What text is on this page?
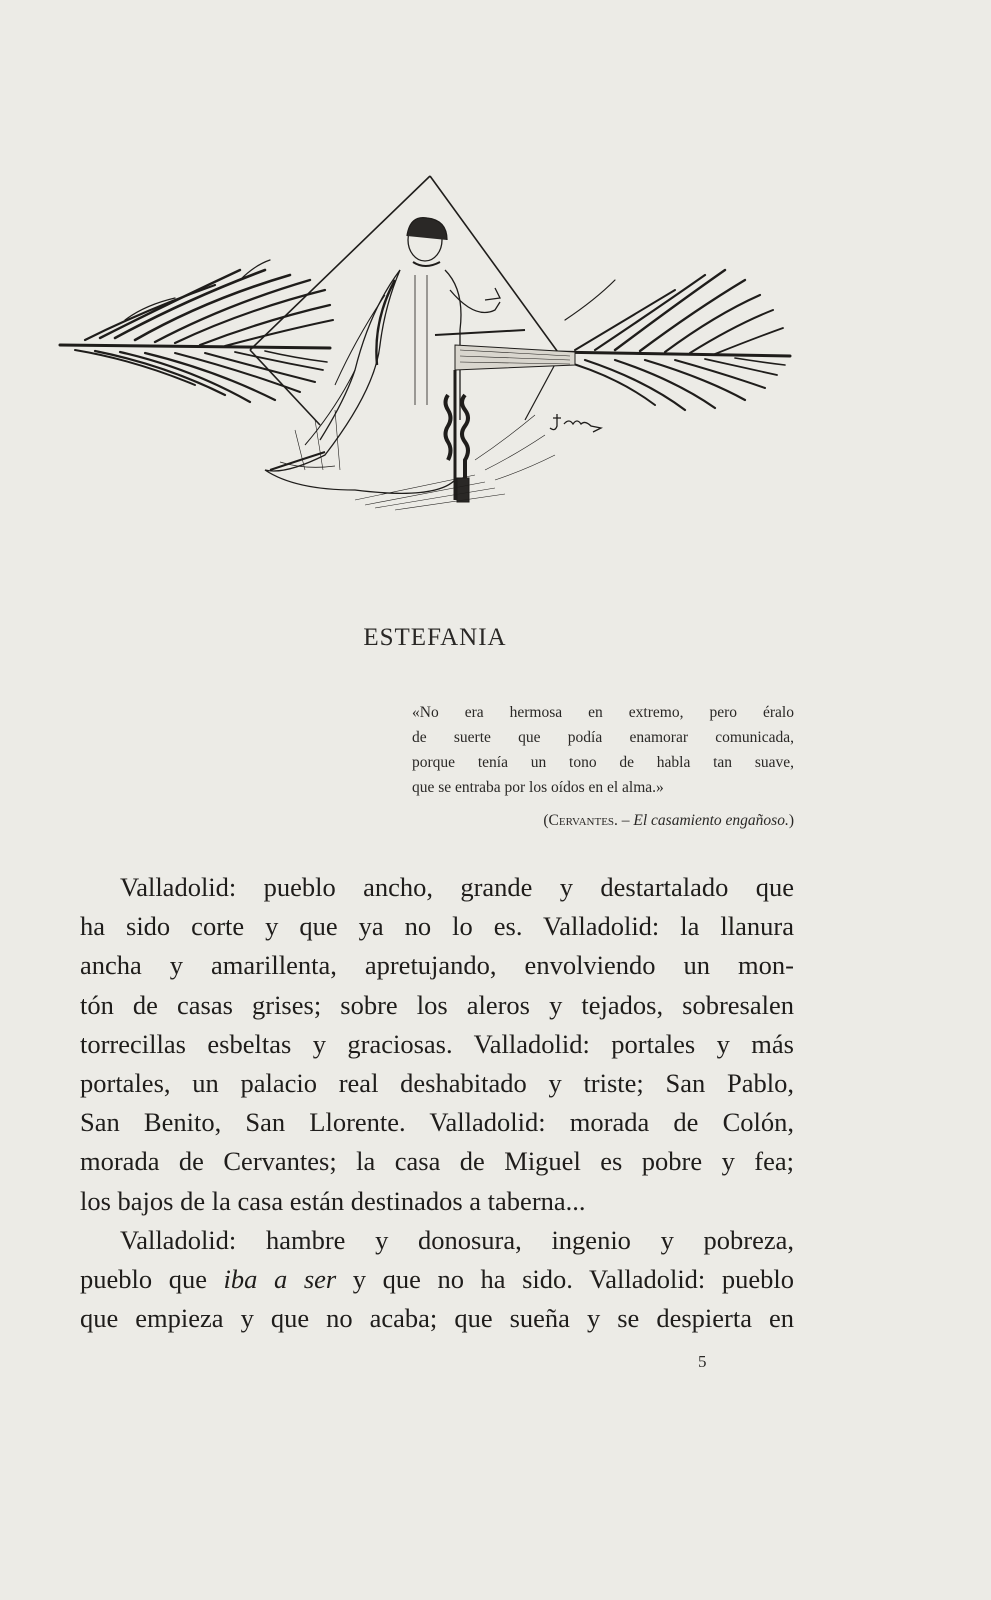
ESTEFANIA
«No era hermosa en extremo, pero éralo
de suerte que podía enamorar comunicada,
porque tenía un tono de habla tan suave,
que se entraba por los oídos en el alma.»
(Cervantes. – El casamiento engañoso.)
Valladolid: pueblo ancho, grande y destartalado que
ha sido corte y que ya no lo es. Valladolid: la llanura
ancha y amarillenta, apretujando, envolviendo un mon-
tón de casas grises; sobre los aleros y tejados, sobresalen
torrecillas esbeltas y graciosas. Valladolid: portales y más
portales, un palacio real deshabitado y triste; San Pablo,
San Benito, San Llorente. Valladolid: morada de Colón,
morada de Cervantes; la casa de Miguel es pobre y fea;
los bajos de la casa están destinados a taberna...
Valladolid: hambre y donosura, ingenio y pobreza,
pueblo que iba a ser y que no ha sido. Valladolid: pueblo
que empieza y que no acaba; que sueña y se despierta en
5
